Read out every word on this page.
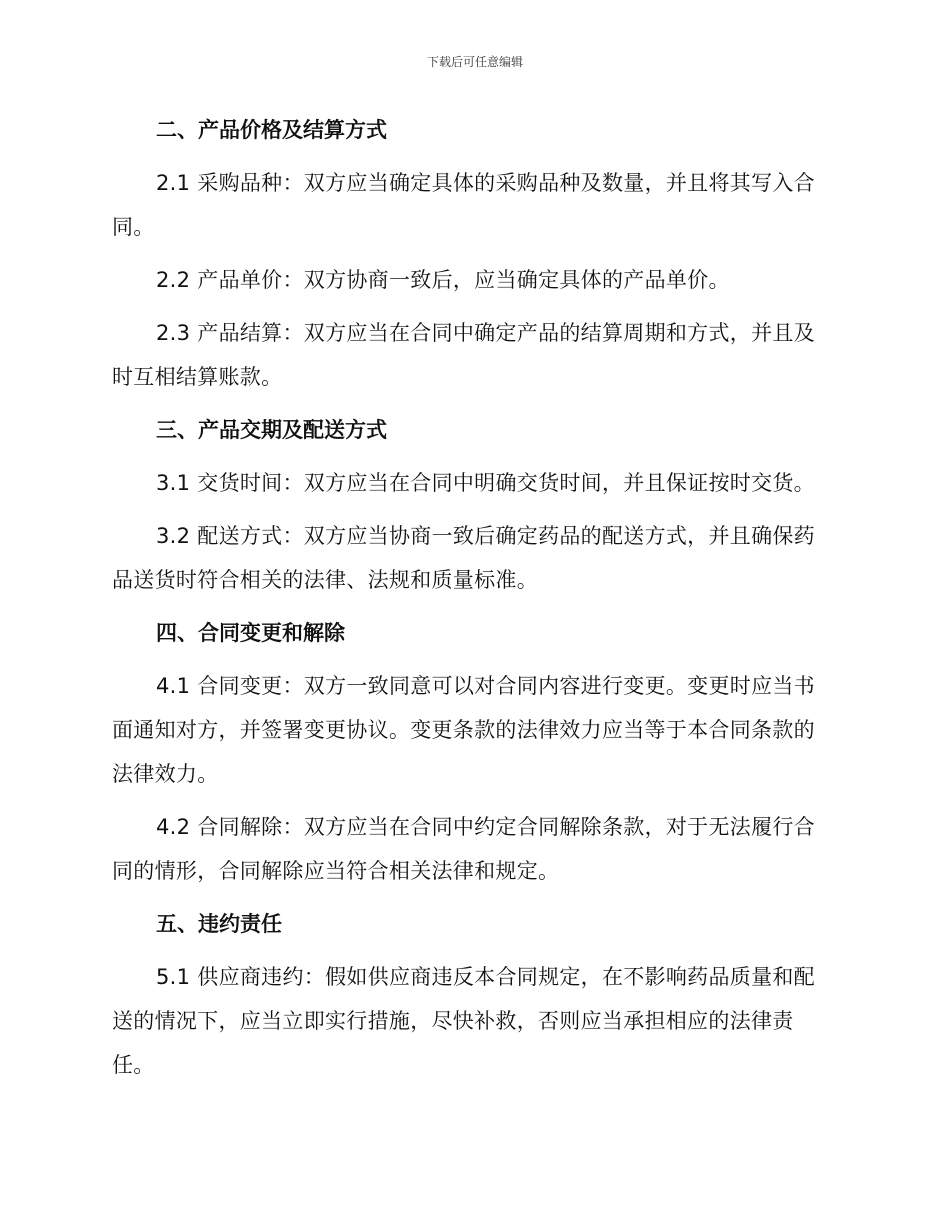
下载后可任意编辑
二、产品价格及结算方式

2.1 采购品种：双方应当确定具体的采购品种及数量，并且将其写入合同。

2.2 产品单价：双方协商一致后，应当确定具体的产品单价。

2.3 产品结算：双方应当在合同中确定产品的结算周期和方式，并且及时互相结算账款。

三、产品交期及配送方式

3.1 交货时间：双方应当在合同中明确交货时间，并且保证按时交货。

3.2 配送方式：双方应当协商一致后确定药品的配送方式，并且确保药品送货时符合相关的法律、法规和质量标准。

四、合同变更和解除

4.1 合同变更：双方一致同意可以对合同内容进行变更。变更时应当书面通知对方，并签署变更协议。变更条款的法律效力应当等于本合同条款的法律效力。

4.2 合同解除：双方应当在合同中约定合同解除条款，对于无法履行合同的情形，合同解除应当符合相关法律和规定。

五、违约责任

5.1 供应商违约：假如供应商违反本合同规定，在不影响药品质量和配送的情况下，应当立即实行措施，尽快补救，否则应当承担相应的法律责任。
